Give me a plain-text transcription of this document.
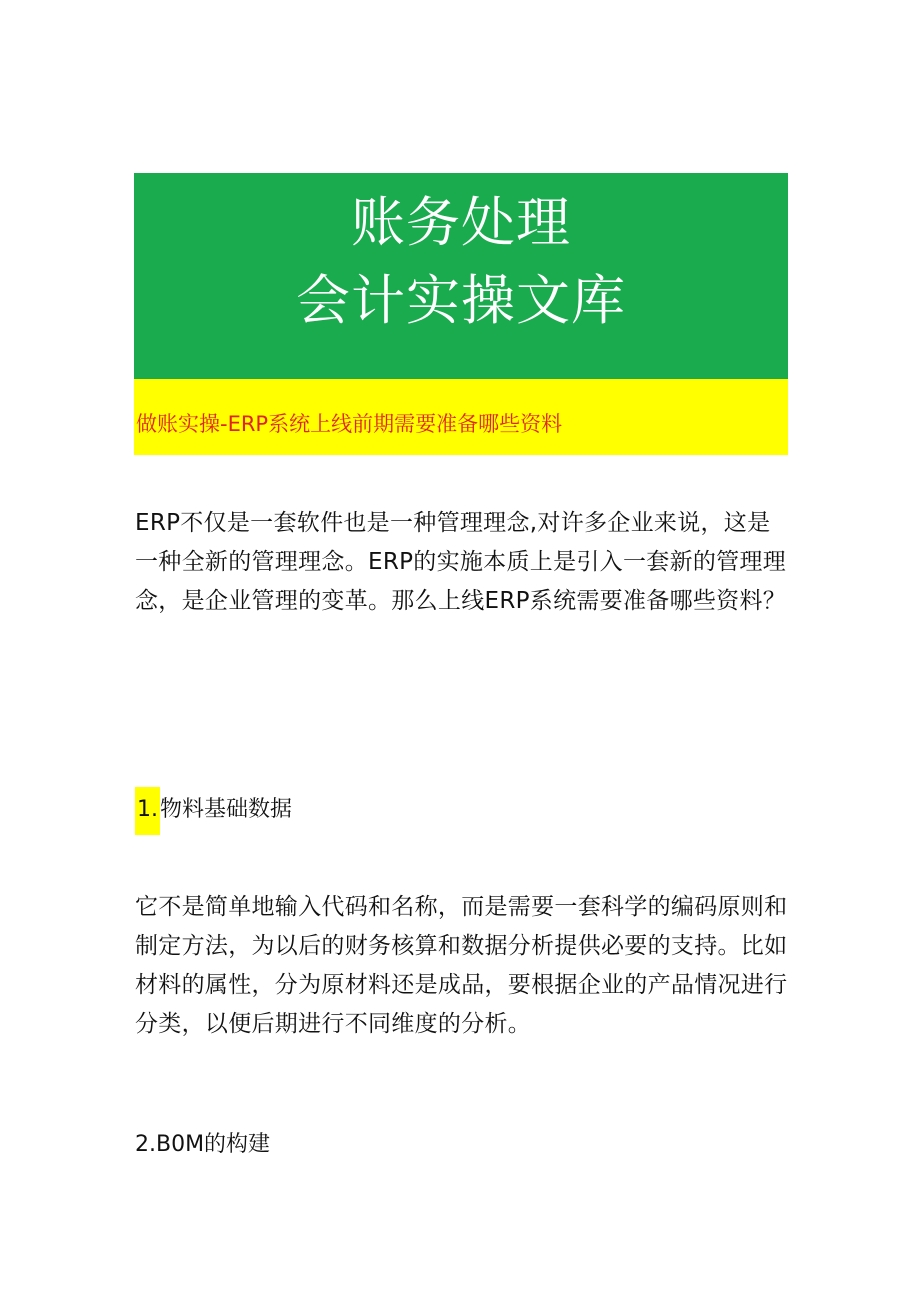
账务处理
会计实操文库
做账实操-ERP系统上线前期需要准备哪些资料

ERP不仅是一套软件也是一种管理理念,对许多企业来说，这是一种全新的管理理念。ERP的实施本质上是引入一套新的管理理念，是企业管理的变革。那么上线ERP系统需要准备哪些资料？

1.物料基础数据

它不是简单地输入代码和名称，而是需要一套科学的编码原则和制定方法，为以后的财务核算和数据分析提供必要的支持。比如材料的属性，分为原材料还是成品，要根据企业的产品情况进行分类，以便后期进行不同维度的分析。

2.B0M的构建
